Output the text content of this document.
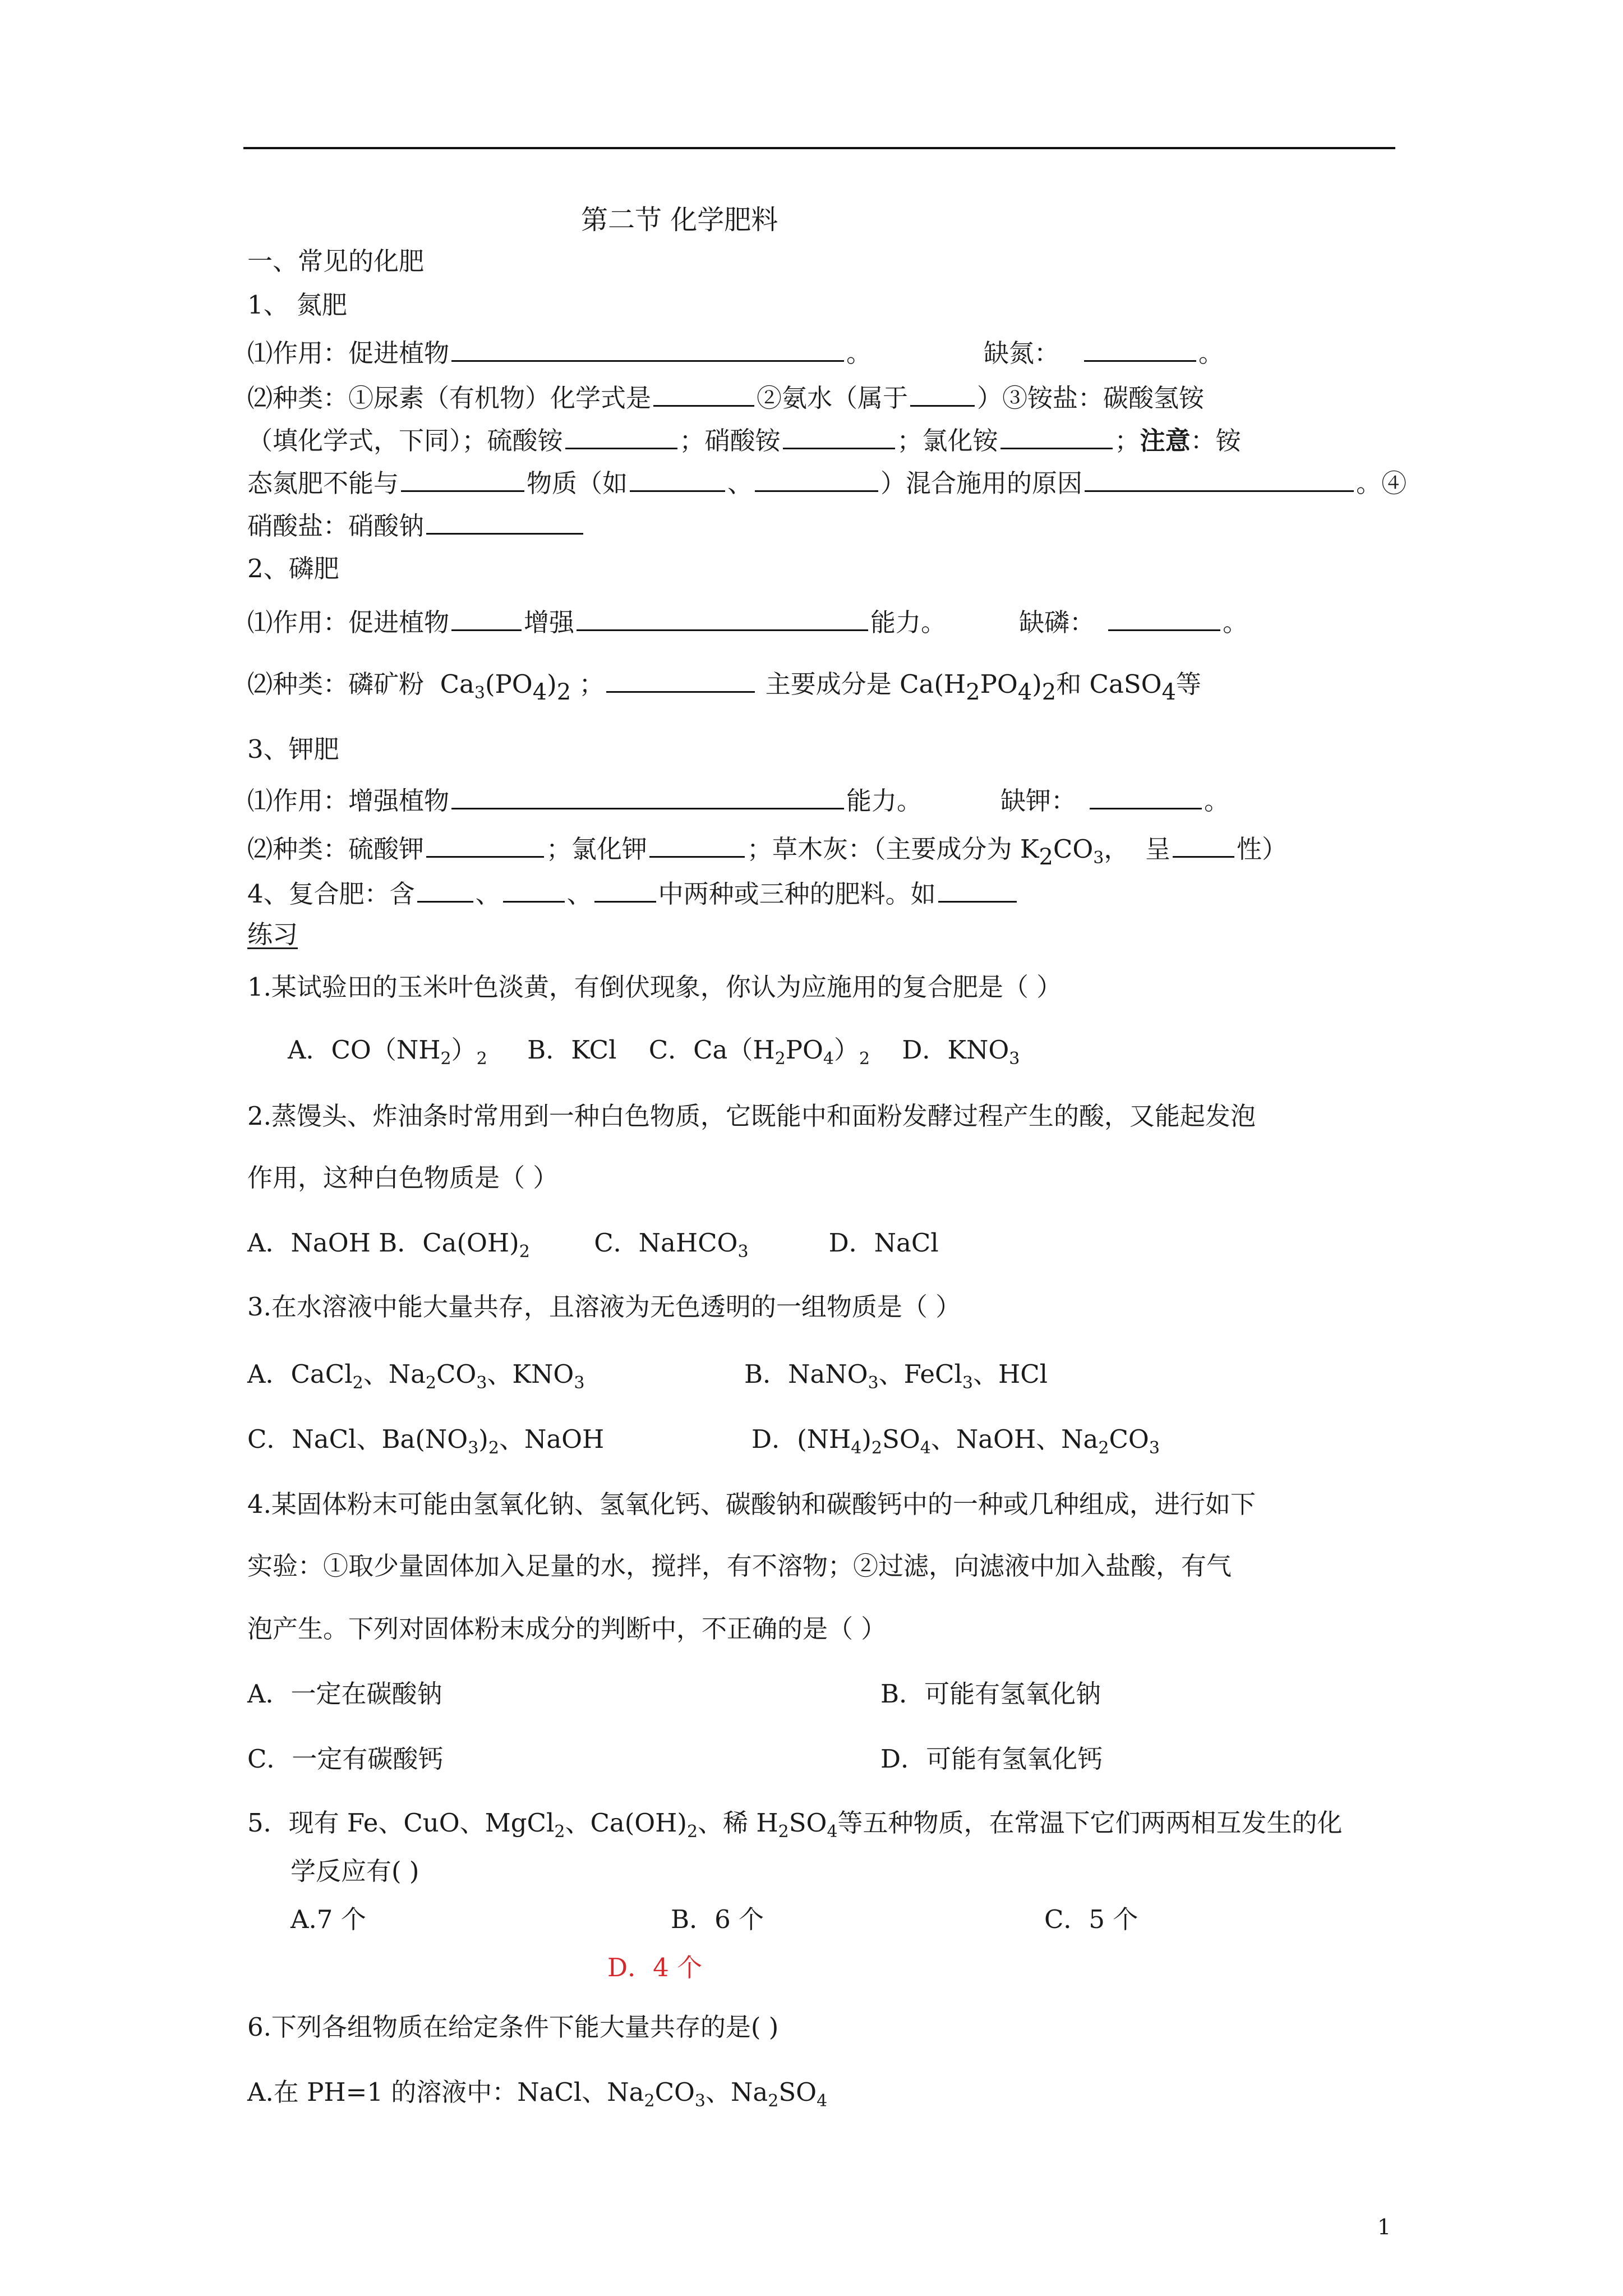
第二节 化学肥料
一、常见的化肥
1、 氮肥
⑴作用：促进植物	。	缺氮：	。
⑵种类：①尿素（有机物）化学式是	②氨水（属于	）③铵盐：碳酸氢铵
（填化学式，下同）；硫酸铵	；硝酸铵	；氯化铵	；注意：铵
态氮肥不能与	物质（如	、	）混合施用的原因	。④
硝酸盐：硝酸钠
2、磷肥
⑴作用：促进植物	增强	能力。	缺磷：	。
⑵种类：磷矿粉  $Ca_3(PO_4)_2$ ；	主要成分是 $Ca(H_2PO_4)_2$和 CaSO$_4$等
3、钾肥
⑴作用：增强植物	能力。	缺钾：	。
⑵种类：硫酸钾	；氯化钾	；草木灰：（主要成分为 $K_2CO_3$，  呈	性）
4、复合肥：含 、	、	中两种或三种的肥料。如
练习
1.某试验田的玉米叶色淡黄，有倒伏现象，你认为应施用的复合肥是（ ）
A．$CO(NH_2)_2$     B．KCl    C．$Ca(H_2PO_4)_2$    D．$KNO_3$
2.蒸馒头、炸油条时常用到一种白色物质，它既能中和面粉发酵过程产生的酸，又能起发泡
作用，这种白色物质是（ ）
A．NaOH B．$Ca(OH)_2$        C．NaHCO$_3$          D．NaCl
3.在水溶液中能大量共存，且溶液为无色透明的一组物质是（ ）
A．CaCl$_2$、$Na_2CO_3$、$KNO_3$	B．NaNO$_3$、FeCl$_3$、HCl
C．NaCl、$Ba(NO_3)_2$、NaOH	D．$(NH_4)_2SO_4$、NaOH、$Na_2CO_3$
4.某固体粉末可能由氢氧化钠、氢氧化钙、碳酸钠和碳酸钙中的一种或几种组成，进行如下
实验：①取少量固体加入足量的水，搅拌，有不溶物；②过滤，向滤液中加入盐酸，有气
泡产生。下列对固体粉末成分的判断中，不正确的是（ ）
A．一定在碳酸钠	B．可能有氢氧化钠
C．一定有碳酸钙	D．可能有氢氧化钙
5．现有 Fe、CuO、MgCl$_2$、$Ca(OH)_2$、稀 $H_2SO_4$等五种物质，在常温下它们两两相互发生的化
学反应有( )
A.7 个	B．6 个	C．5 个
D．4 个
6.下列各组物质在给定条件下能大量共存的是( )
A.在 PH=1 的溶液中：NaCl、$Na_2CO_3$、$Na_2SO_4$
1
